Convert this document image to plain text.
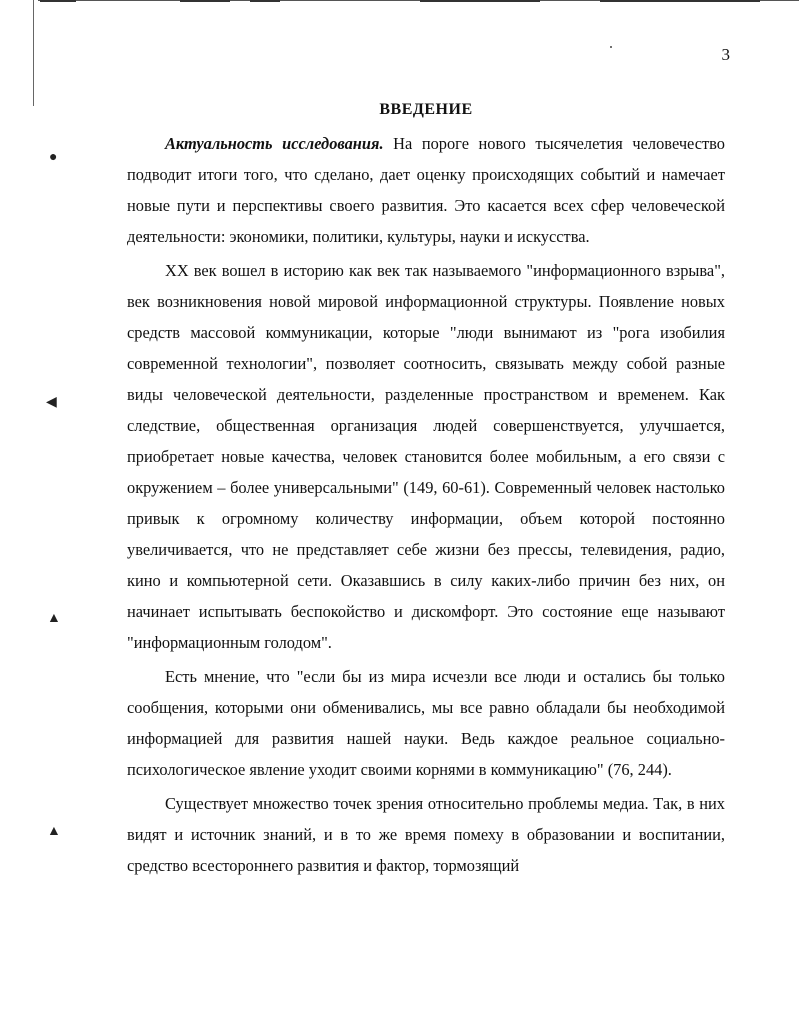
●
◀
▲
▲
3
ВВЕДЕНИЕ

Актуальность исследования. На пороге нового тысячелетия человечество подводит итоги того, что сделано, дает оценку происходящих событий и намечает новые пути и перспективы своего развития. Это касается всех сфер человеческой деятельности: экономики, политики, культуры, науки и искусства.

XX век вошел в историю как век так называемого "информационного взрыва", век возникновения новой мировой информационной структуры. Появление новых средств массовой коммуникации, которые "люди вынимают из "рога изобилия современной технологии", позволяет соотносить, связывать между собой разные виды человеческой деятельности, разделенные пространством и временем. Как следствие, общественная организация людей совершенствуется, улучшается, приобретает новые качества, человек становится более мобильным, а его связи с окружением – более универсальными" (149, 60-61). Современный человек настолько привык к огромному количеству информации, объем которой постоянно увеличивается, что не представляет себе жизни без прессы, телевидения, радио, кино и компьютерной сети. Оказавшись в силу каких-либо причин без них, он начинает испытывать беспокойство и дискомфорт. Это состояние еще называют "информационным голодом".

Есть мнение, что "если бы из мира исчезли все люди и остались бы только сообщения, которыми они обменивались, мы все равно обладали бы необходимой информацией для развития нашей науки. Ведь каждое реальное социально-психологическое явление уходит своими корнями в коммуникацию" (76, 244).

Существует множество точек зрения относительно проблемы медиа. Так, в них видят и источник знаний, и в то же время помеху в образовании и воспитании, средство всестороннего развития и фактор, тормозящий
